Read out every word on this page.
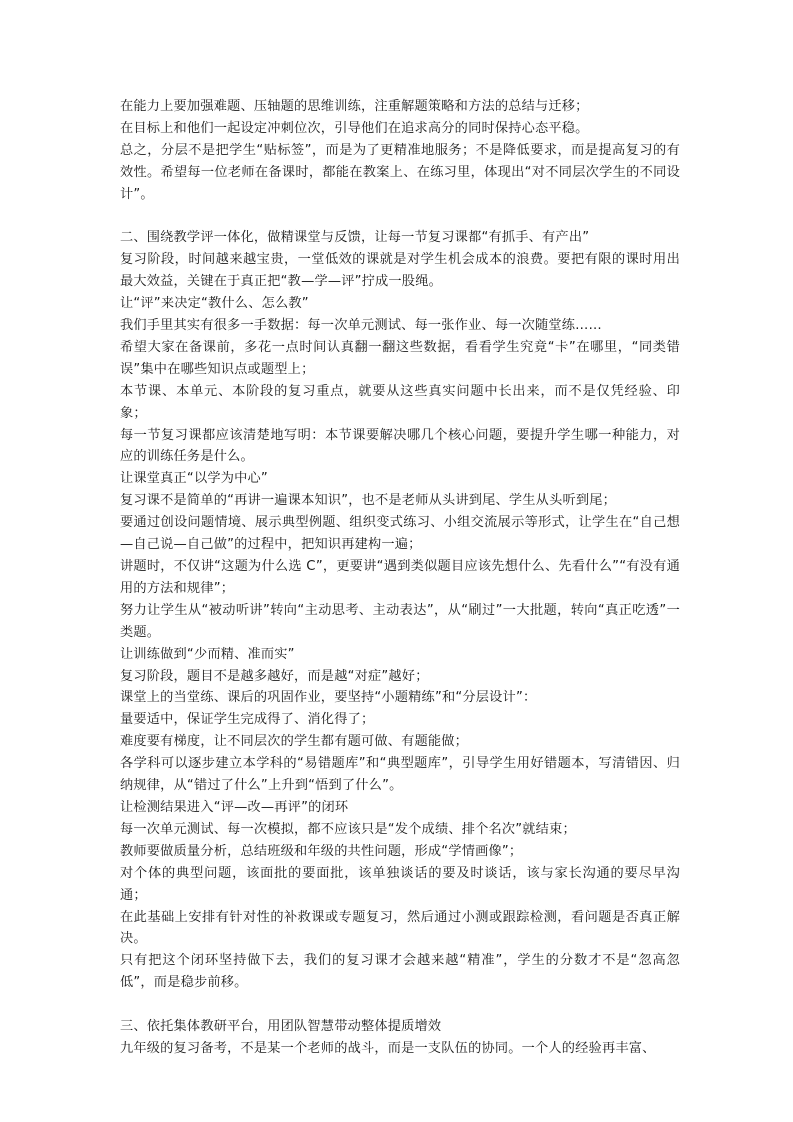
在能力上要加强难题、压轴题的思维训练，注重解题策略和方法的总结与迁移；

在目标上和他们一起设定冲刺位次，引导他们在追求高分的同时保持心态平稳。

总之，分层不是把学生“贴标签”，而是为了更精准地服务；不是降低要求，而是提高复习的有效性。希望每一位老师在备课时，都能在教案上、在练习里，体现出“对不同层次学生的不同设计”。

二、围绕教学评一体化，做精课堂与反馈，让每一节复习课都“有抓手、有产出”

复习阶段，时间越来越宝贵，一堂低效的课就是对学生机会成本的浪费。要把有限的课时用出最大效益，关键在于真正把“教—学—评”拧成一股绳。

让“评”来决定“教什么、怎么教”

我们手里其实有很多一手数据：每一次单元测试、每一张作业、每一次随堂练……

希望大家在备课前，多花一点时间认真翻一翻这些数据，看看学生究竟“卡”在哪里，“同类错误”集中在哪些知识点或题型上；

本节课、本单元、本阶段的复习重点，就要从这些真实问题中长出来，而不是仅凭经验、印象；

每一节复习课都应该清楚地写明：本节课要解决哪几个核心问题，要提升学生哪一种能力，对应的训练任务是什么。

让课堂真正“以学为中心”

复习课不是简单的“再讲一遍课本知识”，也不是老师从头讲到尾、学生从头听到尾；

要通过创设问题情境、展示典型例题、组织变式练习、小组交流展示等形式，让学生在“自己想—自己说—自己做”的过程中，把知识再建构一遍；

讲题时，不仅讲“这题为什么选 C”，更要讲“遇到类似题目应该先想什么、先看什么”“有没有通用的方法和规律”；

努力让学生从“被动听讲”转向“主动思考、主动表达”，从“刷过”一大批题，转向“真正吃透”一类题。

让训练做到“少而精、准而实”

复习阶段，题目不是越多越好，而是越“对症”越好；

课堂上的当堂练、课后的巩固作业，要坚持“小题精练”和“分层设计”：

量要适中，保证学生完成得了、消化得了；

难度要有梯度，让不同层次的学生都有题可做、有题能做；

各学科可以逐步建立本学科的“易错题库”和“典型题库”，引导学生用好错题本，写清错因、归纳规律，从“错过了什么”上升到“悟到了什么”。

让检测结果进入“评—改—再评”的闭环

每一次单元测试、每一次模拟，都不应该只是“发个成绩、排个名次”就结束；

教师要做质量分析，总结班级和年级的共性问题，形成“学情画像”；

对个体的典型问题，该面批的要面批，该单独谈话的要及时谈话，该与家长沟通的要尽早沟通；

在此基础上安排有针对性的补救课或专题复习，然后通过小测或跟踪检测，看问题是否真正解决。

只有把这个闭环坚持做下去，我们的复习课才会越来越“精准”，学生的分数才不是“忽高忽低”，而是稳步前移。

三、依托集体教研平台，用团队智慧带动整体提质增效

九年级的复习备考，不是某一个老师的战斗，而是一支队伍的协同。一个人的经验再丰富、
